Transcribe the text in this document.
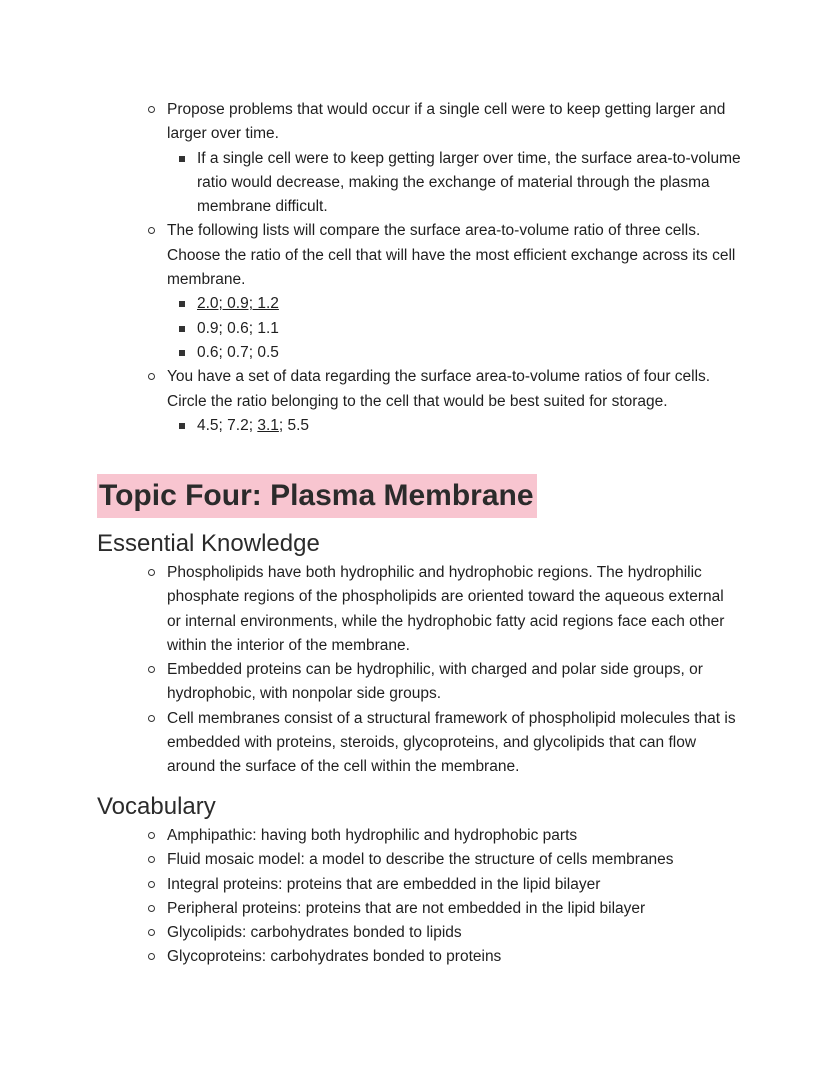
Propose problems that would occur if a single cell were to keep getting larger and larger over time.
If a single cell were to keep getting larger over time, the surface area-to-volume ratio would decrease, making the exchange of material through the plasma membrane difficult.
The following lists will compare the surface area-to-volume ratio of three cells. Choose the ratio of the cell that will have the most efficient exchange across its cell membrane.
2.0; 0.9; 1.2
0.9; 0.6; 1.1
0.6; 0.7; 0.5
You have a set of data regarding the surface area-to-volume ratios of four cells. Circle the ratio belonging to the cell that would be best suited for storage.
4.5; 7.2; 3.1; 5.5
Topic Four: Plasma Membrane
Essential Knowledge
Phospholipids have both hydrophilic and hydrophobic regions. The hydrophilic phosphate regions of the phospholipids are oriented toward the aqueous external or internal environments, while the hydrophobic fatty acid regions face each other within the interior of the membrane.
Embedded proteins can be hydrophilic, with charged and polar side groups, or hydrophobic, with nonpolar side groups.
Cell membranes consist of a structural framework of phospholipid molecules that is embedded with proteins, steroids, glycoproteins, and glycolipids that can flow around the surface of the cell within the membrane.
Vocabulary
Amphipathic: having both hydrophilic and hydrophobic parts
Fluid mosaic model: a model to describe the structure of cells membranes
Integral proteins: proteins that are embedded in the lipid bilayer
Peripheral proteins: proteins that are not embedded in the lipid bilayer
Glycolipids: carbohydrates bonded to lipids
Glycoproteins: carbohydrates bonded to proteins
